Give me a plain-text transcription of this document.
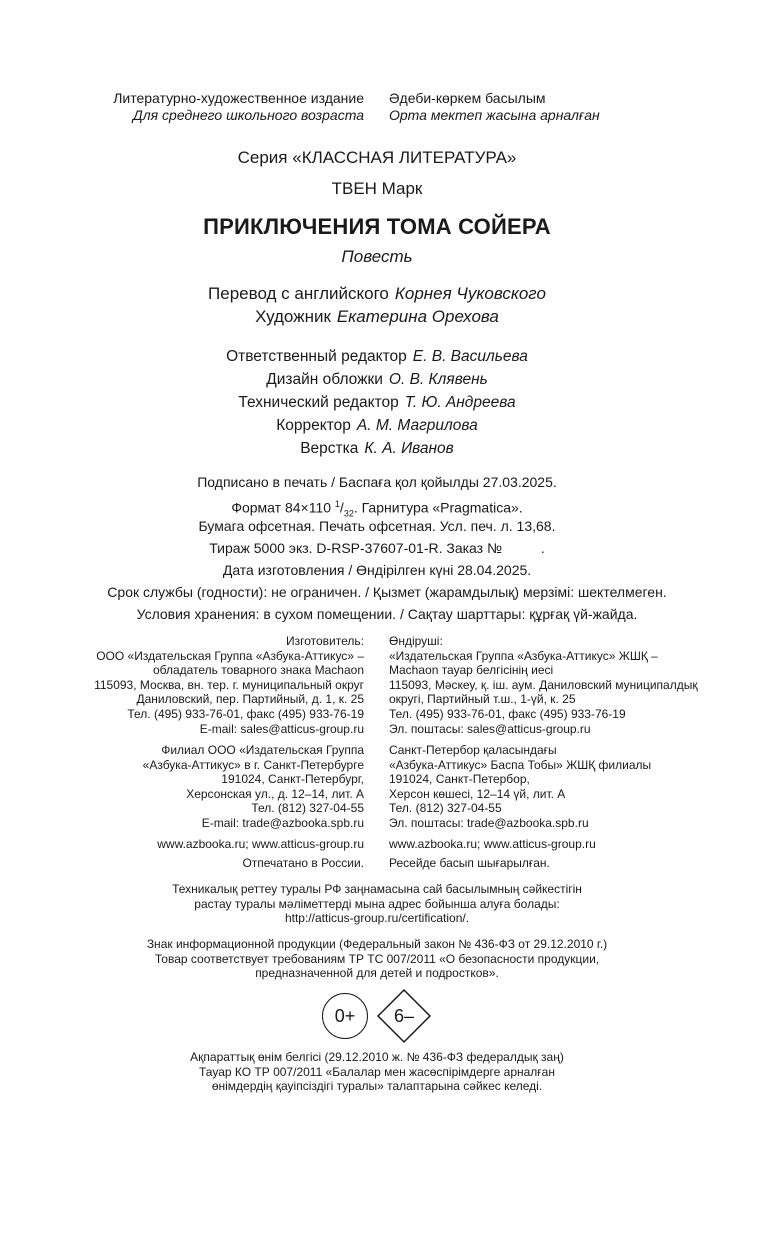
Литературно-художественное издание
Для среднего школьного возраста
Әдеби-көркем басылым
Орта мектеп жасына арналған
Серия «КЛАССНАЯ ЛИТЕРАТУРА»
ТВЕН Марк
ПРИКЛЮЧЕНИЯ ТОМА СОЙЕРА
Повесть
Перевод с английского Корнея Чуковского
Художник Екатерина Орехова
Ответственный редактор Е. В. Васильева
Дизайн обложки О. В. Клявень
Технический редактор Т. Ю. Андреева
Корректор А. М. Магрилова
Верстка К. А. Иванов
Подписано в печать / Баспаға қол қойылды 27.03.2025.
Формат 84×110 $^1/_{32}$. Гарнитура «Pragmatica».
Бумага офсетная. Печать офсетная. Усл. печ. л. 13,68.
Тираж 5000 экз. D-RSP-37607-01-R. Заказ №          .
Дата изготовления / Өндірілген күні 28.04.2025.
Срок службы (годности): не ограничен. / Қызмет (жарамдылық) мерзімі: шектелмеген.
Условия хранения: в сухом помещении. / Сақтау шарттары: құрғақ үй-жайда.
Изготовитель:
ООО «Издательская Группа «Азбука-Аттикус» –
обладатель товарного знака Machaon
115093, Москва, вн. тер. г. муниципальный округ
Даниловский, пер. Партийный, д. 1, к. 25
Тел. (495) 933-76-01, факс (495) 933-76-19
E-mail: sales@atticus-group.ru
Өндіруші:
«Издательская Группа «Азбука-Аттикус» ЖШҚ –
Machaon тауар белгісінің иесі
115093, Мәскеу, қ. іш. аум. Даниловский муниципалдық
округі, Партийный т.ш., 1-үй, к. 25
Тел. (495) 933-76-01, факс (495) 933-76-19
Эл. поштасы: sales@atticus-group.ru
Филиал ООО «Издательская Группа
«Азбука-Аттикус» в г. Санкт-Петербурге
191024, Санкт-Петербург,
Херсонская ул., д. 12–14, лит. А
Тел. (812) 327-04-55
E-mail: trade@azbooka.spb.ru
Санкт-Петербор қаласындағы
«Азбука-Аттикус» Баспа Тобы» ЖШҚ филиалы
191024, Санкт-Петербор,
Херсон көшесі, 12–14 үй, лит. А
Тел. (812) 327-04-55
Эл. поштасы: trade@azbooka.spb.ru
www.azbooka.ru; www.atticus-group.ru www.azbooka.ru; www.atticus-group.ru
Отпечатано в России. Ресейде басып шығарылған.
Техникалық реттеу туралы РФ заңнамасына сай басылымның сәйкестігін
растау туралы мәліметтерді мына адрес бойынша алуға болады:
http://atticus-group.ru/certification/.
Знак информационной продукции (Федеральный закон № 436-ФЗ от 29.12.2010 г.)
Товар соответствует требованиям ТР ТС 007/2011 «О безопасности продукции,
предназначенной для детей и подростков».
0+	6–
Ақпараттық өнім белгісі (29.12.2010 ж. № 436-ФЗ федералдық заң)
Тауар КО ТР 007/2011 «Балалар мен жасөспірімдерге арналған
өнімдердің қауіпсіздігі туралы» талаптарына сәйкес келеді.
